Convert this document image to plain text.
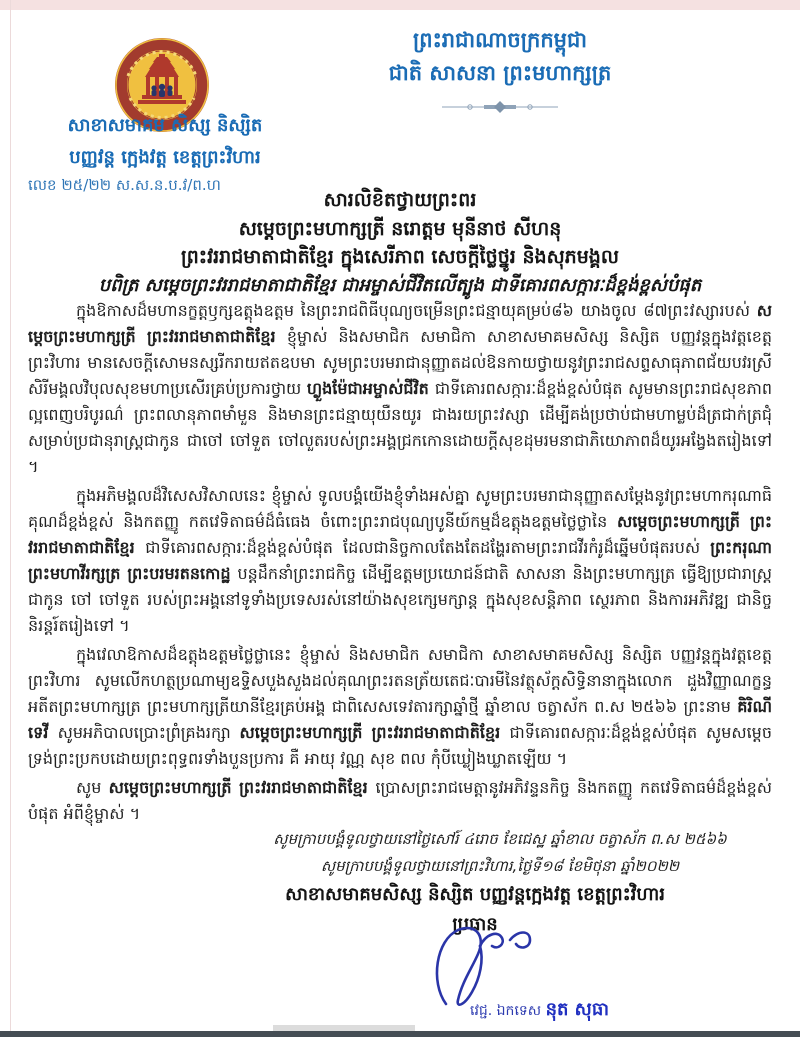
ព្រះរាជាណាចក្រកម្ពុជា
ជាតិ សាសនា ព្រះមហាក្សត្រ
សាខាសមាគម សិស្ស និស្សិត
បញ្ញវន្ត ក្អេងវត្ត ខេត្តព្រះវិហារ
លេខ ២៥/២២ ស.ស.ន.ប.វ/ព.ហ
សារលិខិតថ្វាយព្រះពរ
សម្តេចព្រះមហាក្សត្រី នរោត្តម មុនីនាថ សីហនុ
ព្រះវររាជមាតាជាតិខ្មែរ ក្នុងសេរីភាព សេចក្តីថ្លៃថ្នូរ និងសុភមង្គល
បពិត្រ សម្តេចព្រះវររាជមាតាជាតិខ្មែរ ជាអម្ចាស់ជីវិតលើត្បូង ជាទីគោរពសក្ការៈដ៏ខ្ពង់ខ្ពស់បំផុត

ក្នុងឱកាសដ៏មហានក្ខត្តឫក្សឧត្តុងឧត្តម នៃព្រះរាជពិធីបុណ្យចម្រើនព្រះជន្មាយុគម្រប់៨៦ យាងចូល ៨៧ព្រះវស្សារបស់ សម្តេចព្រះមហាក្សត្រី ព្រះវររាជមាតាជាតិខ្មែរ ខ្ញុំម្ចាស់ និងសមាជិក សមាជិកា សាខាសមាគមសិស្ស និស្សិត បញ្ញវន្តក្នុងវត្តខេត្តព្រះវិហារ មានសេចក្តីសោមនស្សរីករាយឥតឧបមា សូមព្រះបរមរាជានុញ្ញាតដល់ឱនកាយថ្វាយនូវព្រះរាជសព្ទសាធុភាពជ័យបវរស្រី សិរីមង្គលវិបុលសុខមហាប្រសើរគ្រប់ប្រការថ្វាយ ហ្លួងម៉ែជាអម្ចាស់ជីវិត ជាទីគោរពសក្ការៈដ៏ខ្ពង់ខ្ពស់បំផុត សូមមានព្រះរាជសុខភាពល្អពេញបរិបូរណ៌ ព្រះពលានុភាពមាំមួន និងមានព្រះជន្មាយុយឺនយូរ ជាងរយព្រះវស្សា ដើម្បីគង់ប្រថាប់ជាមហាម្លប់ដ៏ត្រជាក់ត្រជុំ សម្រាប់ប្រជានុរាស្ត្រជាកូន ជាចៅ ចៅទួត ចៅលួតរបស់ព្រះអង្គជ្រកកោនដោយក្តីសុខដុមរមនាជាភិយោភាពដ៏យូរអង្វែងតរៀងទៅ ។

ក្នុងអភិមង្គលដ៏វិសេសវិសាលនេះ ខ្ញុំម្ចាស់ ទូលបង្គំយើងខ្ញុំទាំងអស់គ្នា សូមព្រះបរមរាជានុញ្ញាតសម្តែងនូវព្រះមហាករុណាធិគុណដ៏ខ្ពង់ខ្ពស់ និងកតញ្ញូ កតវេទិតាធម៌ដ៏ធំធេង ចំពោះព្រះរាជបុណ្យបូនីយ៍កម្មដ៏ឧត្តុងឧត្តមថ្លៃថ្លានៃ សម្តេចព្រះមហាក្សត្រី ព្រះវររាជមាតាជាតិខ្មែរ ជាទីគោរពសក្ការៈដ៏ខ្ពង់ខ្ពស់បំផុត ដែលជានិច្ចកាលតែងតែដង្ហែរតាមព្រះរាជវីរកំរូដ៏ឆ្នើមបំផុតរបស់ ព្រះករុណាព្រះមហាវីរក្សត្រ ព្រះបរមរតនកោដ្ឋ បន្តដឹកនាំព្រះរាជកិច្ច ដើម្បីឧត្តមប្រយោជន៍ជាតិ សាសនា និងព្រះមហាក្សត្រ ធ្វើឱ្យប្រជារាស្ត្រជាកូន ចៅ ចៅទួត របស់ព្រះអង្គនៅទូទាំងប្រទេសរស់នៅយ៉ាងសុខក្សេមក្សាន្ត ក្នុងសុខសន្តិភាព ស្ថេរភាព និងការអភិវឌ្ឍ ជានិច្ចនិរន្តរ៍តរៀងទៅ ។

ក្នុងវេលាឱកាសដ៏ឧត្តុងឧត្តមថ្លៃថ្លានេះ ខ្ញុំម្ចាស់ និងសមាជិក សមាជិកា សាខាសមាគមសិស្ស និស្សិត បញ្ញវន្តក្នុងវត្តខេត្តព្រះវិហារ សូមលើកហត្ថប្រណាម្យឧទ្ទិសបួងសួងដល់គុណព្រះរតនត្រ័យតេជៈបារមីនៃវត្ថុស័ក្តសិទ្ធិនានាក្នុងលោក ដួងវិញ្ញាណក្ខន្ធអតីតព្រះមហាក្សត្រ ព្រះមហាក្សត្រីយានីខ្មែរគ្រប់អង្គ ជាពិសេសទេវតារក្សាឆ្នាំថ្មី ឆ្នាំខាល ចត្វាស័ក ព.ស ២៥៦៦ ព្រះនាម គិរិណីទេវី សូមអភិបាលប្រោះព្រំគ្រងរក្សា សម្តេចព្រះមហាក្សត្រី ព្រះវររាជមាតាជាតិខ្មែរ ជាទីគោរពសក្ការៈដ៏ខ្ពង់ខ្ពស់បំផុត សូមសម្តេចទ្រង់ព្រះប្រកបដោយព្រះពុទ្ធពរទាំងបួនប្រការ គឺ អាយុ វណ្ណ សុខ ពល កុំបីឃ្លៀងឃ្លាតឡើយ ។

សូម សម្តេចព្រះមហាក្សត្រី ព្រះវររាជមាតាជាតិខ្មែរ ប្រោសព្រះរាជមេត្តានូវអភិវន្ទនកិច្ច និងកតញ្ញូ កតវេទិតាធម៌ដ៏ខ្ពង់ខ្ពស់បំផុត អំពីខ្ញុំម្ចាស់ ។

សូមក្រាបបង្គំទូលថ្វាយនៅថ្ងៃសៅរ៍ ៤រោច ខែជេស្ឋ ឆ្នាំខាល ចត្វាស័ក ព.ស ២៥៦៦
សូមក្រាបបង្គំទូលថ្វាយនៅព្រះវិហារ,ថ្ងៃទី១៨ ខែមិថុនា ឆ្នាំ២០២២
សាខាសមាគមសិស្ស និស្សិត បញ្ញវន្តក្អេងវត្ត ខេត្តព្រះវិហារ
ប្រធាន
វេជ្ជ. ឯកទេស នុត សុធា
